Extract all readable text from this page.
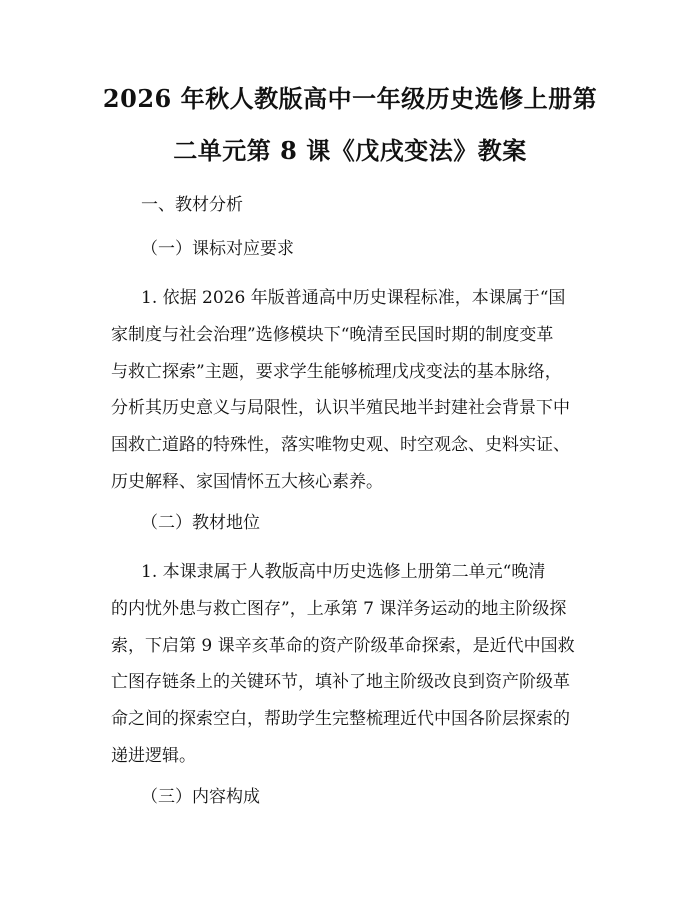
2026 年秋人教版高中一年级历史选修上册第
二单元第 8 课《戊戌变法》教案
一、教材分析
（一）课标对应要求
1. 依据 2026 年版普通高中历史课程标准，本课属于“国
家制度与社会治理”选修模块下“晚清至民国时期的制度变革
与救亡探索”主题，要求学生能够梳理戊戌变法的基本脉络，
分析其历史意义与局限性，认识半殖民地半封建社会背景下中
国救亡道路的特殊性，落实唯物史观、时空观念、史料实证、
历史解释、家国情怀五大核心素养。
（二）教材地位
1. 本课隶属于人教版高中历史选修上册第二单元“晚清
的内忧外患与救亡图存”，上承第 7 课洋务运动的地主阶级探
索，下启第 9 课辛亥革命的资产阶级革命探索，是近代中国救
亡图存链条上的关键环节，填补了地主阶级改良到资产阶级革
命之间的探索空白，帮助学生完整梳理近代中国各阶层探索的
递进逻辑。
（三）内容构成
